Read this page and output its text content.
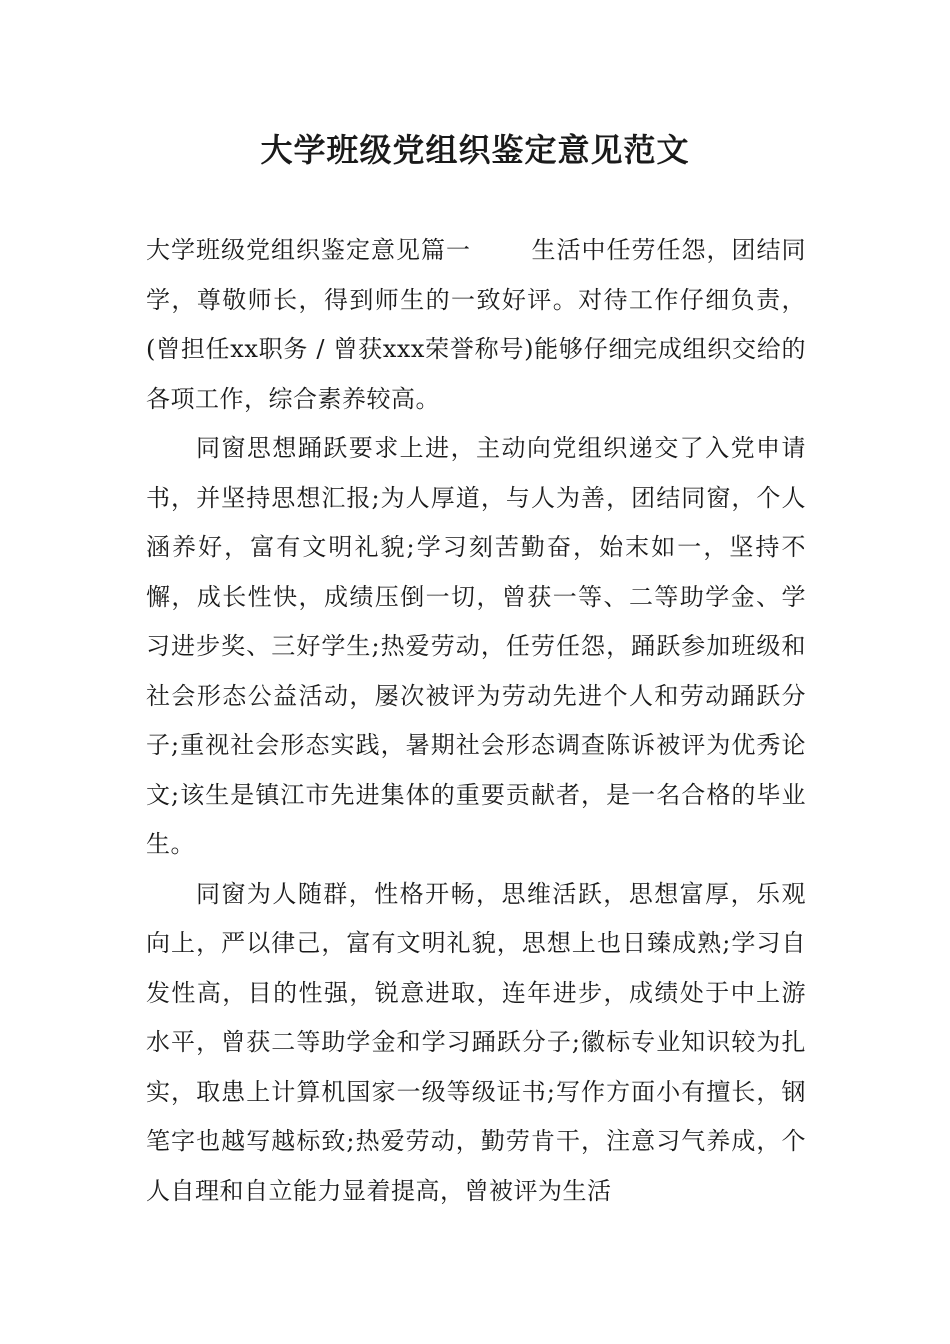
大学班级党组织鉴定意见范文

大学班级党组织鉴定意见篇一	生活中任劳任怨，团结同学，尊敬师长，得到师生的一致好评。对待工作仔细负责，(曾担任xx职务 / 曾获xxx荣誉称号)能够仔细完成组织交给的各项工作，综合素养较高。

同窗思想踊跃要求上进，主动向党组织递交了入党申请书，并坚持思想汇报;为人厚道，与人为善，团结同窗，个人涵养好，富有文明礼貌;学习刻苦勤奋，始末如一，坚持不懈，成长性快，成绩压倒一切，曾获一等、二等助学金、学习进步奖、三好学生;热爱劳动，任劳任怨，踊跃参加班级和社会形态公益活动，屡次被评为劳动先进个人和劳动踊跃分子;重视社会形态实践，暑期社会形态调查陈诉被评为优秀论文;该生是镇江市先进集体的重要贡献者，是一名合格的毕业生。

同窗为人随群，性格开畅，思维活跃，思想富厚，乐观向上，严以律己，富有文明礼貌，思想上也日臻成熟;学习自发性高，目的性强，锐意进取，连年进步，成绩处于中上游水平，曾获二等助学金和学习踊跃分子;徽标专业知识较为扎实，取患上计算机国家一级等级证书;写作方面小有擅长，钢笔字也越写越标致;热爱劳动，勤劳肯干，注意习气养成，个人自理和自立能力显着提高，曾被评为生活
